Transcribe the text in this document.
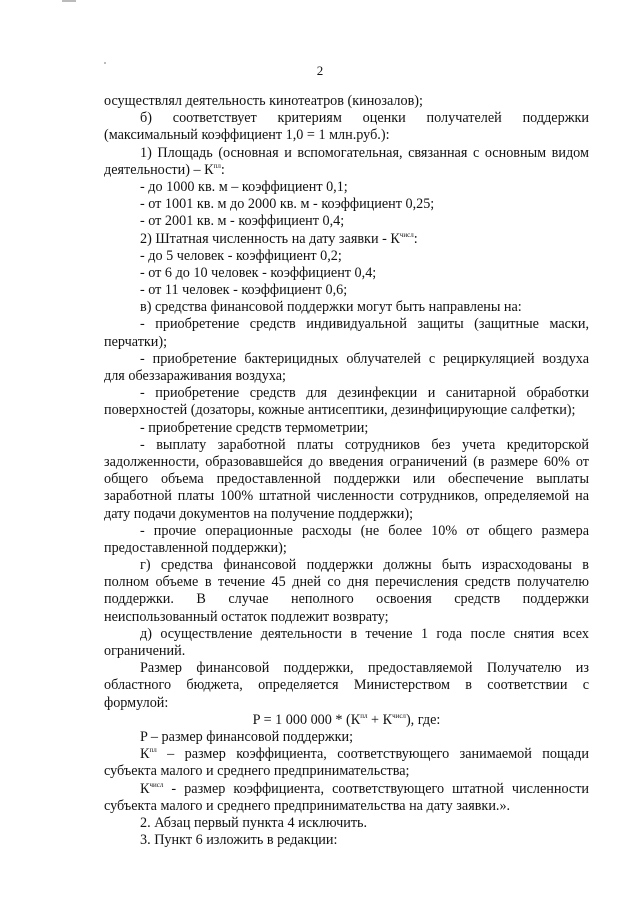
2
осуществлял деятельность кинотеатров (кинозалов);
б) соответствует критериям оценки получателей поддержки
(максимальный коэффициент 1,0 = 1 млн.руб.):
1) Площадь (основная и вспомогательная, связанная с основным видом
деятельности) – $К^{пл}$:
- до 1000 кв. м – коэффициент 0,1;
- от 1001 кв. м до 2000 кв. м - коэффициент 0,25;
- от 2001 кв. м - коэффициент 0,4;
2) Штатная численность на дату заявки - $К^{числ}$:
- до 5 человек - коэффициент 0,2;
- от 6 до 10 человек - коэффициент 0,4;
- от 11 человек - коэффициент 0,6;
в) средства финансовой поддержки могут быть направлены на:
- приобретение средств индивидуальной защиты (защитные маски,
перчатки);
- приобретение бактерицидных облучателей с рециркуляцией воздуха
для обеззараживания воздуха;
- приобретение средств для дезинфекции и санитарной обработки
поверхностей (дозаторы, кожные антисептики, дезинфицирующие салфетки);
- приобретение средств термометрии;
- выплату заработной платы сотрудников без учета кредиторской
задолженности, образовавшейся до введения ограничений (в размере 60% от
общего объема предоставленной поддержки или обеспечение выплаты
заработной платы 100% штатной численности сотрудников, определяемой на
дату подачи документов на получение поддержки);
- прочие операционные расходы (не более 10% от общего размера
предоставленной поддержки);
г) средства финансовой поддержки должны быть израсходованы в
полном объеме в течение 45 дней со дня перечисления средств получателю
поддержки. В случае неполного освоения средств поддержки
неиспользованный остаток подлежит возврату;
д) осуществление деятельности в течение 1 года после снятия всех
ограничений.
Размер финансовой поддержки, предоставляемой Получателю из
областного бюджета, определяется Министерством в соответствии с
формулой:
P = 1 000 $000 * (К^{пл} + К^{числ})$, где:
P – размер финансовой поддержки;
$К^{пл}$ – размер коэффициента, соответствующего занимаемой пощади
субъекта малого и среднего предпринимательства;
$К^{числ}$ - размер коэффициента, соответствующего штатной численности
субъекта малого и среднего предпринимательства на дату заявки.».
2. Абзац первый пункта 4 исключить.
3. Пункт 6 изложить в редакции:
